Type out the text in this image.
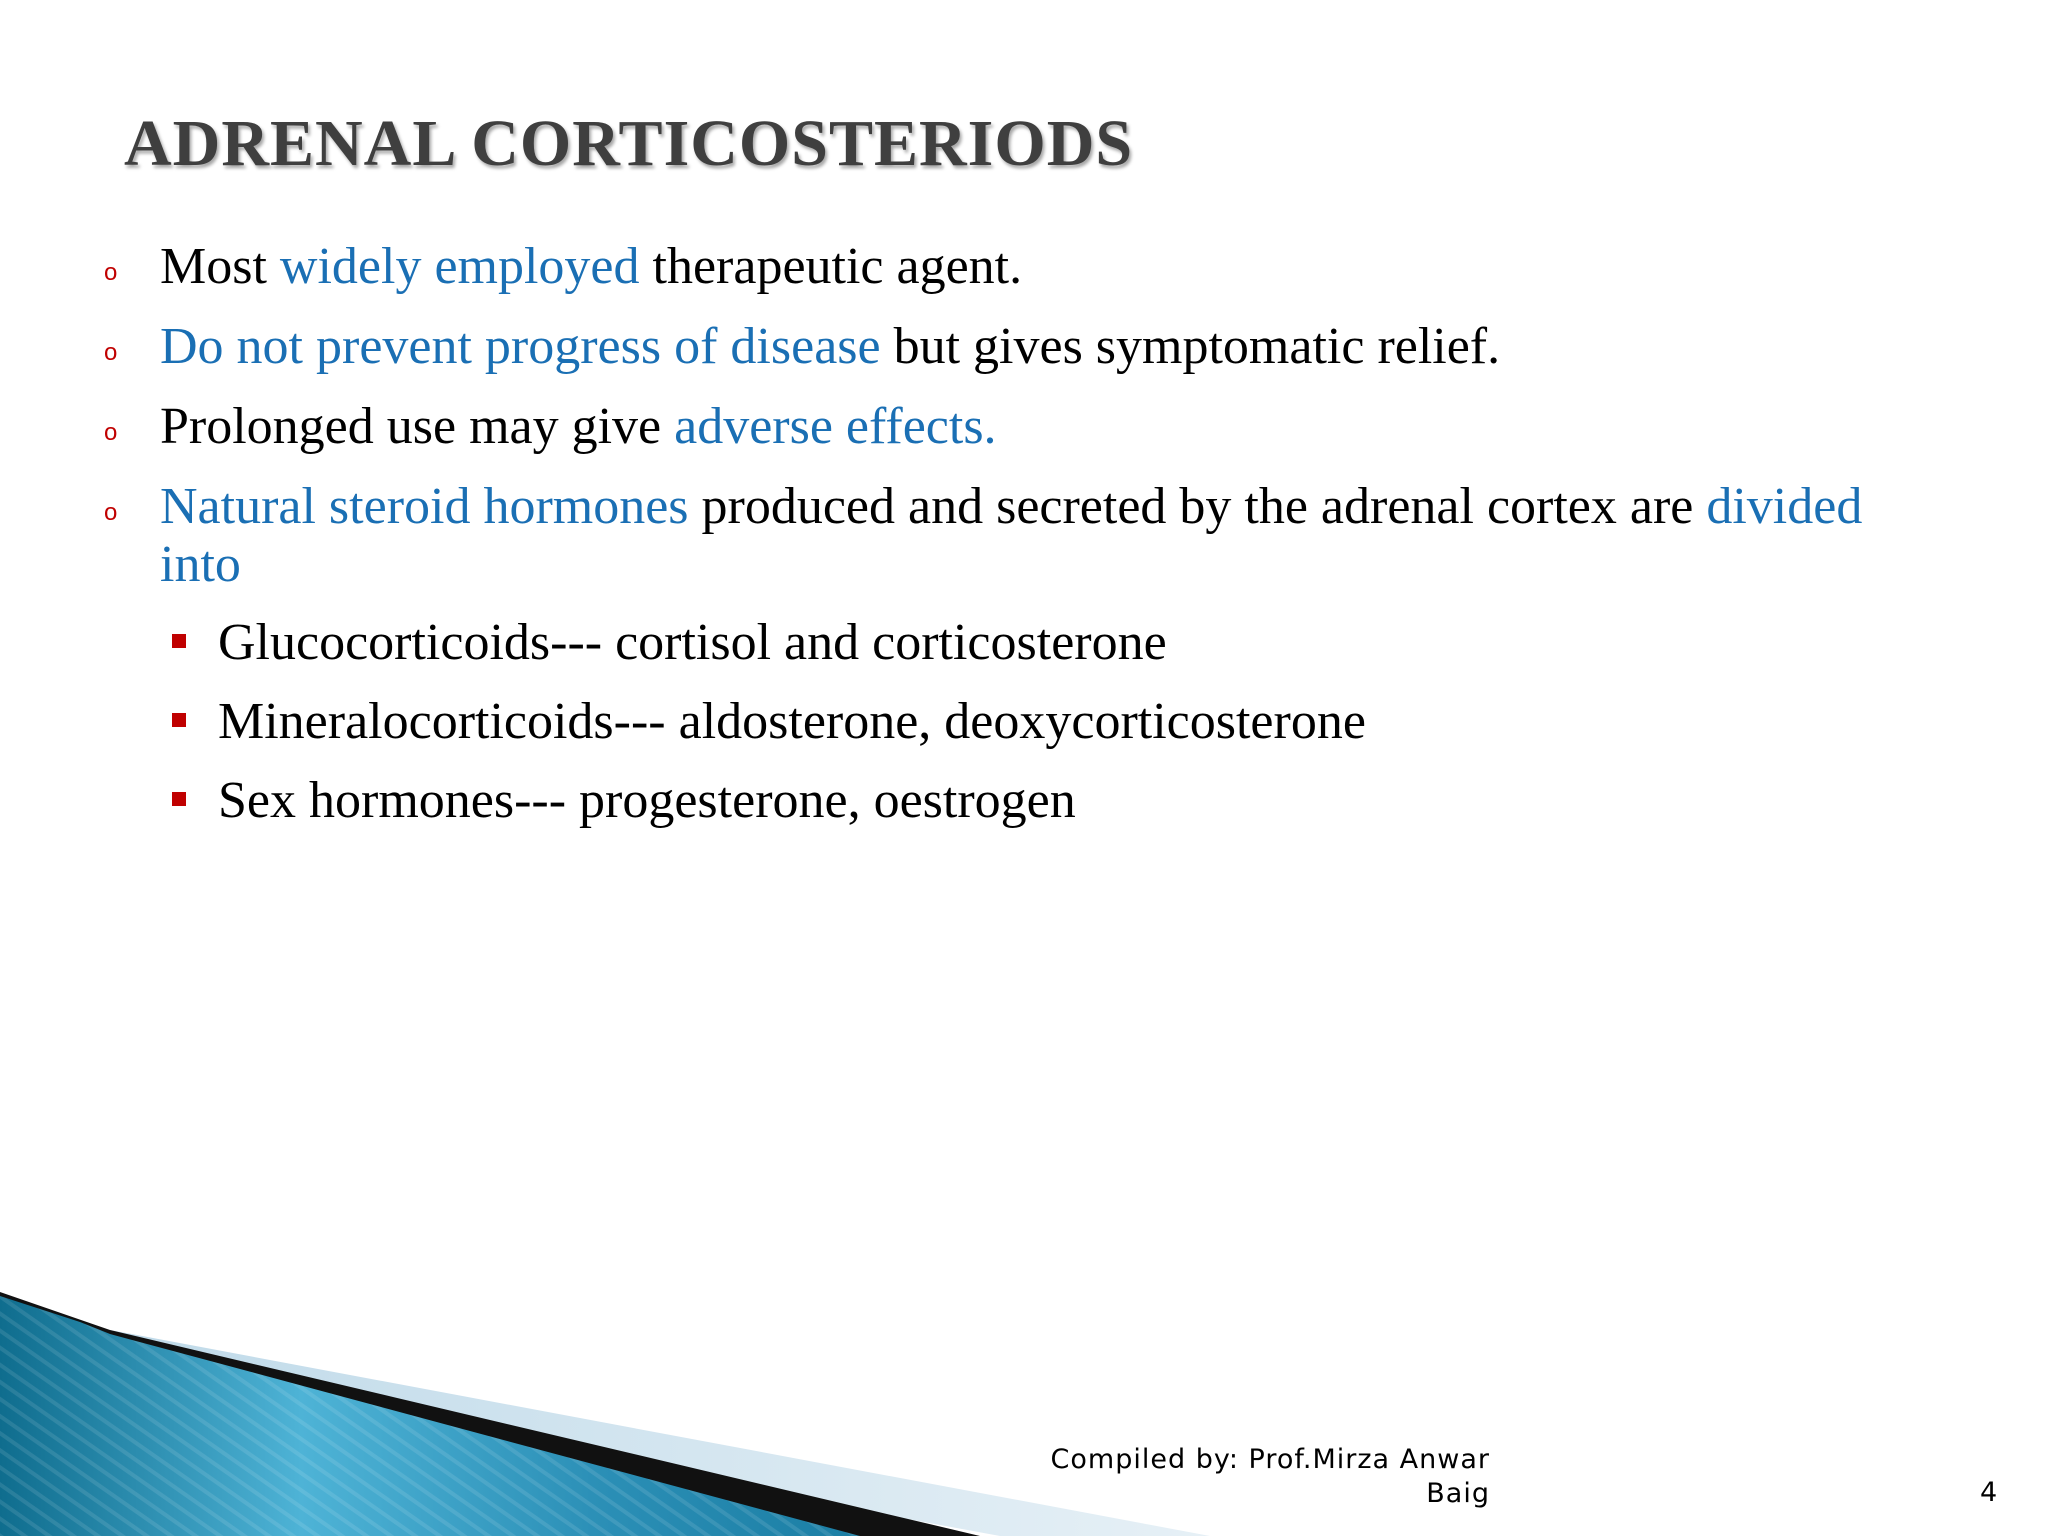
ADRENAL CORTICOSTERIODS
o Most widely employed therapeutic agent.
o Do not prevent progress of disease but gives symptomatic relief.
o Prolonged use may give adverse effects.
o Natural steroid hormones produced and secreted by the adrenal cortex are divided into
Glucocorticoids--- cortisol and corticosterone
Mineralocorticoids--- aldosterone, deoxycorticosterone
Sex hormones--- progesterone, oestrogen
Compiled by: Prof.Mirza Anwar
Baig	4
